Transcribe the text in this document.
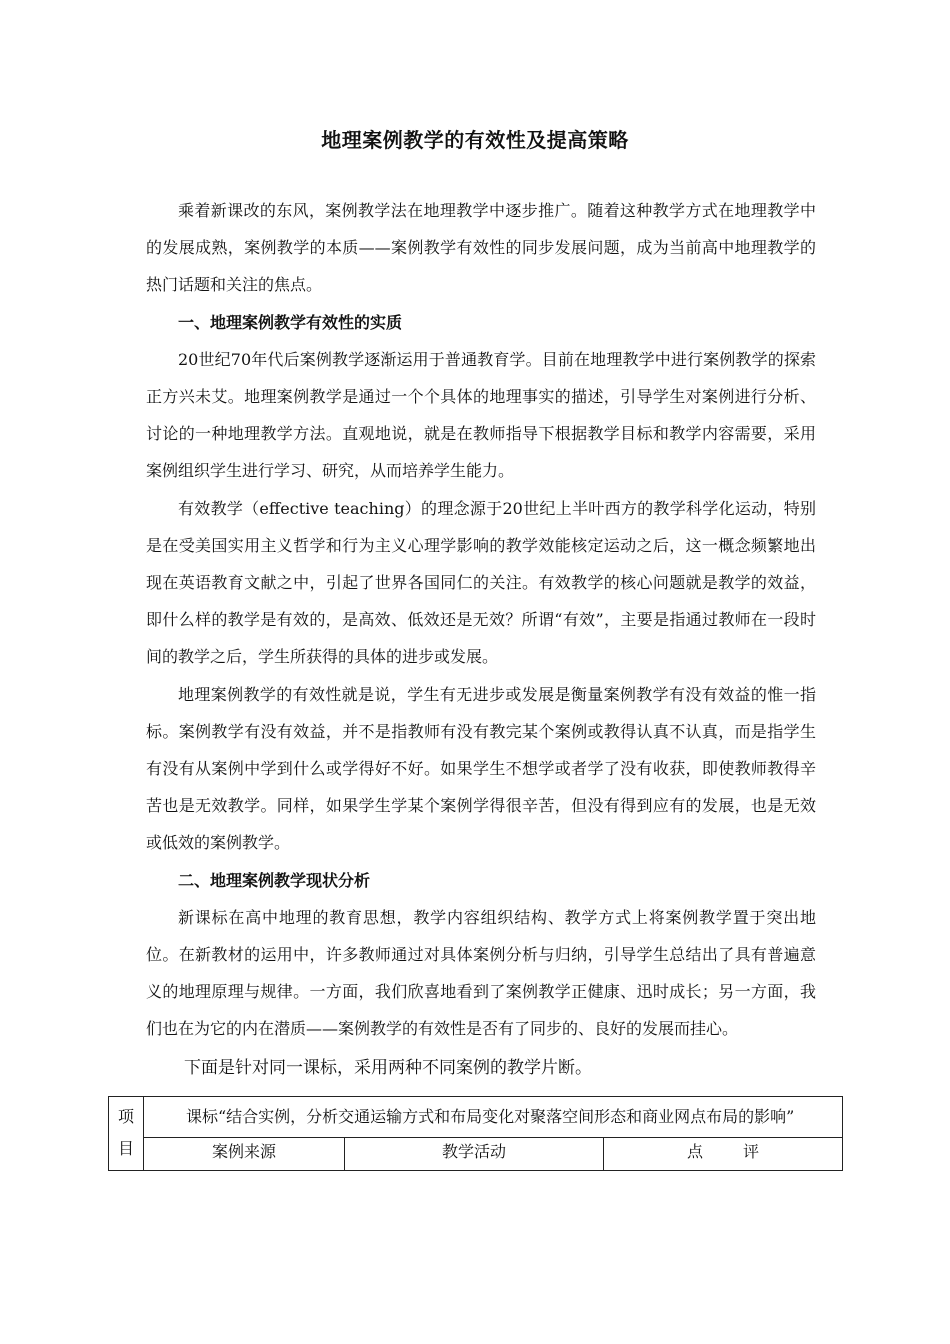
地理案例教学的有效性及提高策略

乘着新课改的东风，案例教学法在地理教学中逐步推广。随着这种教学方式在地理教学中的发展成熟，案例教学的本质——案例教学有效性的同步发展问题，成为当前高中地理教学的热门话题和关注的焦点。

一、地理案例教学有效性的实质

20世纪70年代后案例教学逐渐运用于普通教育学。目前在地理教学中进行案例教学的探索正方兴未艾。地理案例教学是通过一个个具体的地理事实的描述，引导学生对案例进行分析、讨论的一种地理教学方法。直观地说，就是在教师指导下根据教学目标和教学内容需要，采用案例组织学生进行学习、研究，从而培养学生能力。

有效教学（effective teaching）的理念源于20世纪上半叶西方的教学科学化运动，特别是在受美国实用主义哲学和行为主义心理学影响的教学效能核定运动之后，这一概念频繁地出现在英语教育文献之中，引起了世界各国同仁的关注。有效教学的核心问题就是教学的效益，即什么样的教学是有效的，是高效、低效还是无效？所谓“有效”，主要是指通过教师在一段时间的教学之后，学生所获得的具体的进步或发展。

地理案例教学的有效性就是说，学生有无进步或发展是衡量案例教学有没有效益的惟一指标。案例教学有没有效益，并不是指教师有没有教完某个案例或教得认真不认真，而是指学生有没有从案例中学到什么或学得好不好。如果学生不想学或者学了没有收获，即使教师教得辛苦也是无效教学。同样，如果学生学某个案例学得很辛苦，但没有得到应有的发展，也是无效或低效的案例教学。

二、地理案例教学现状分析

新课标在高中地理的教育思想，教学内容组织结构、教学方式上将案例教学置于突出地位。在新教材的运用中，许多教师通过对具体案例分析与归纳，引导学生总结出了具有普遍意义的地理原理与规律。一方面，我们欣喜地看到了案例教学正健康、迅时成长；另一方面，我们也在为它的内在潜质——案例教学的有效性是否有了同步的、良好的发展而挂心。

下面是针对同一课标，采用两种不同案例的教学片断。

项
目	课标“结合实例，分析交通运输方式和布局变化对聚落空间形态和商业网点布局的影响”		
	案例来源	教学活动	点 评
